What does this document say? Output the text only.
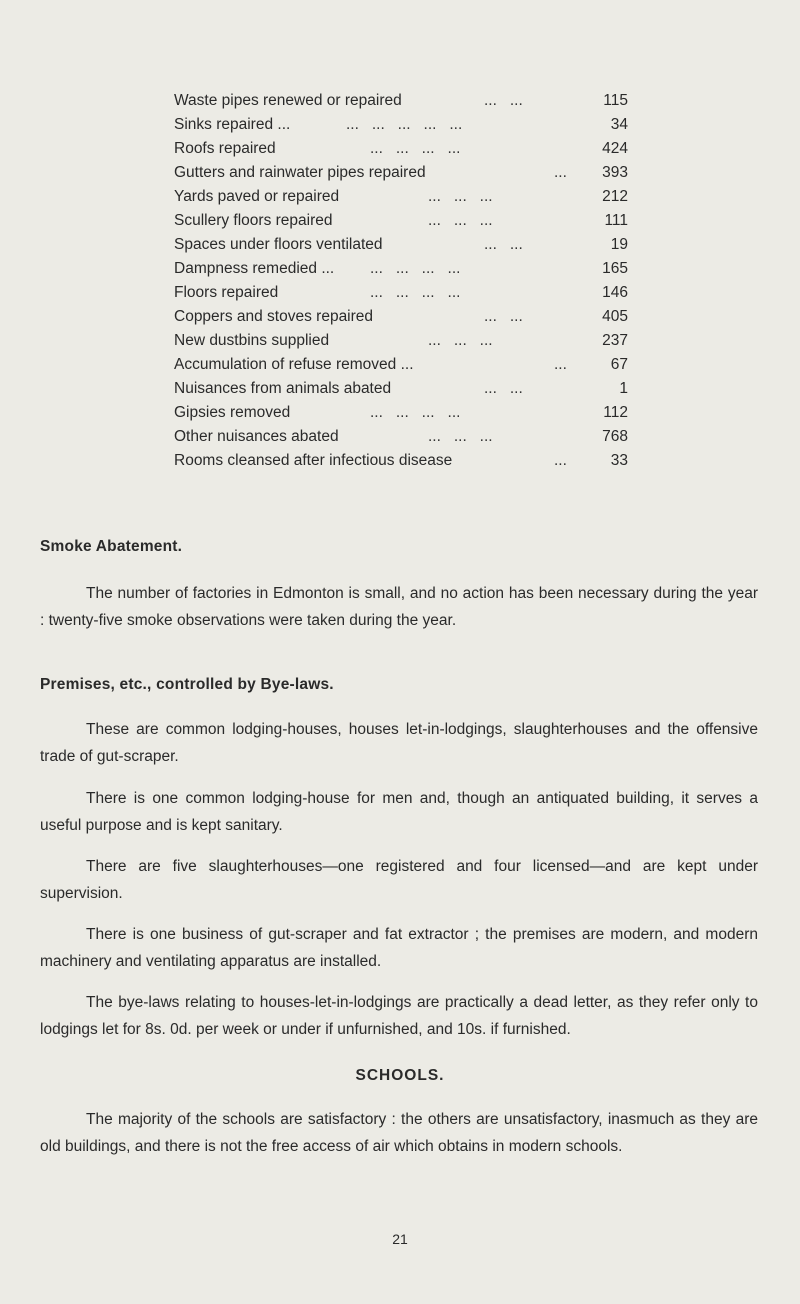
Waste pipes renewed or repaired	...   ...	115
Sinks repaired ...	...   ...   ...   ...   ...	34
Roofs repaired	...   ...   ...   ...	424
Gutters and rainwater pipes repaired	... 393
Yards paved or repaired	...   ...   ...	212
Scullery floors repaired	...   ...   ...	111
Spaces under floors ventilated	...   ...	19
Dampness remedied ... ...   ...   ...   ...	165
Floors repaired	...   ...   ...   ...	146
Coppers and stoves repaired	...   ...	405
New dustbins supplied	...   ...   ...	237
Accumulation of refuse removed ...	...	67
Nuisances from animals abated	...   ...	1
Gipsies removed	...   ...   ...   ...	112
Other nuisances abated	...   ...   ...	768
Rooms cleansed after infectious disease	...	33
Smoke Abatement.
The number of factories in Edmonton is small, and no action has been necessary during the year : twenty-five smoke observations were taken during the year.
Premises, etc., controlled by Bye-laws.
These are common lodging-houses, houses let-in-lodgings, slaughterhouses and the offensive trade of gut-scraper.
There is one common lodging-house for men and, though an antiquated building, it serves a useful purpose and is kept sanitary.
There are five slaughterhouses—one registered and four licensed—and are kept under supervision.
There is one business of gut-scraper and fat extractor ; the premises are modern, and modern machinery and ventilating apparatus are installed.
The bye-laws relating to houses-let-in-lodgings are practically a dead letter, as they refer only to lodgings let for 8s. 0d. per week or under if unfurnished, and 10s. if furnished.
SCHOOLS.
The majority of the schools are satisfactory : the others are unsatisfactory, inasmuch as they are old buildings, and there is not the free access of air which obtains in modern schools.
21
